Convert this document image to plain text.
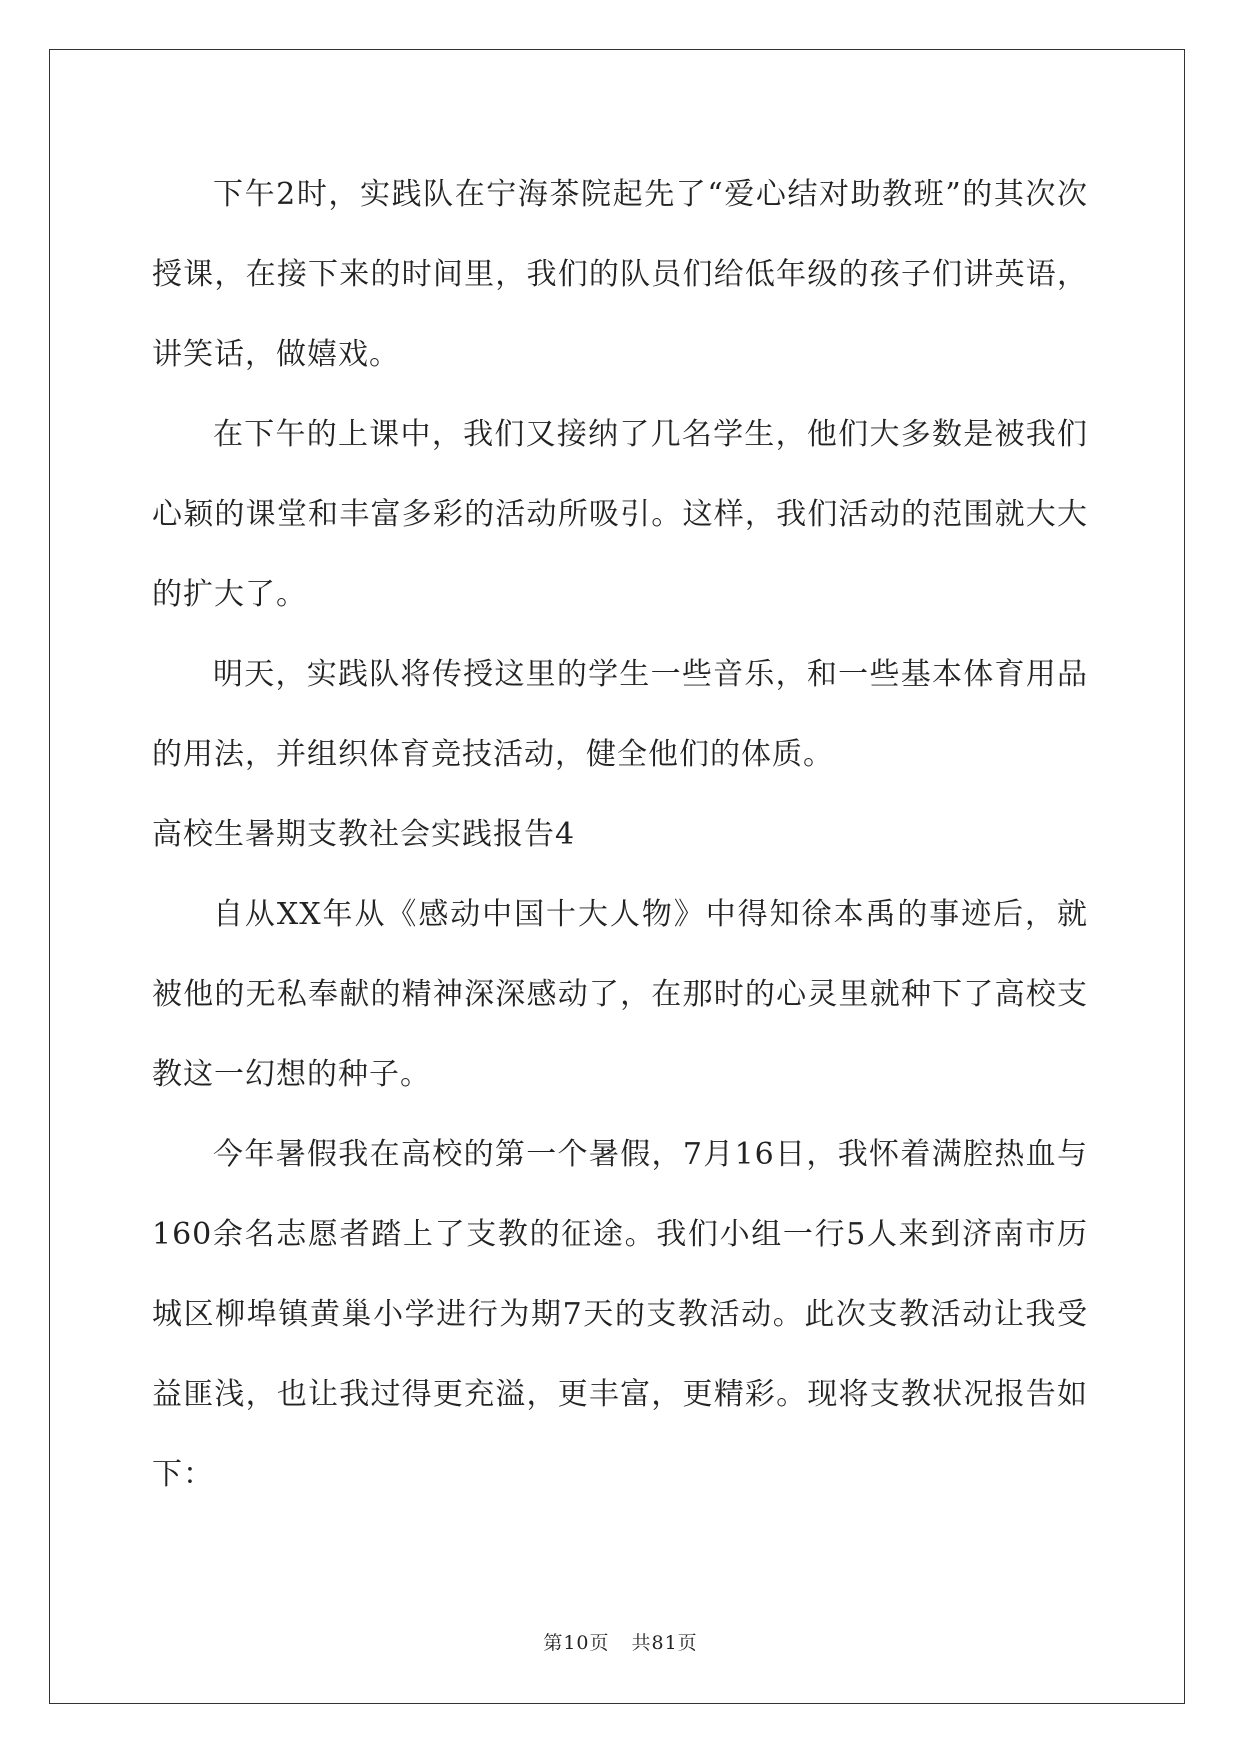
下午2时，实践队在宁海茶院起先了“爱心结对助教班”的其次次授课，在接下来的时间里，我们的队员们给低年级的孩子们讲英语，讲笑话，做嬉戏。

在下午的上课中，我们又接纳了几名学生，他们大多数是被我们心颖的课堂和丰富多彩的活动所吸引。这样，我们活动的范围就大大的扩大了。

明天，实践队将传授这里的学生一些音乐，和一些基本体育用品的用法，并组织体育竞技活动，健全他们的体质。

高校生暑期支教社会实践报告4

自从XX年从《感动中国十大人物》中得知徐本禹的事迹后，就被他的无私奉献的精神深深感动了，在那时的心灵里就种下了高校支教这一幻想的种子。

今年暑假我在高校的第一个暑假，7月16日，我怀着满腔热血与160余名志愿者踏上了支教的征途。我们小组一行5人来到济南市历城区柳埠镇黄巢小学进行为期7天的支教活动。此次支教活动让我受益匪浅，也让我过得更充溢，更丰富，更精彩。现将支教状况报告如下：

第10页 共81页
